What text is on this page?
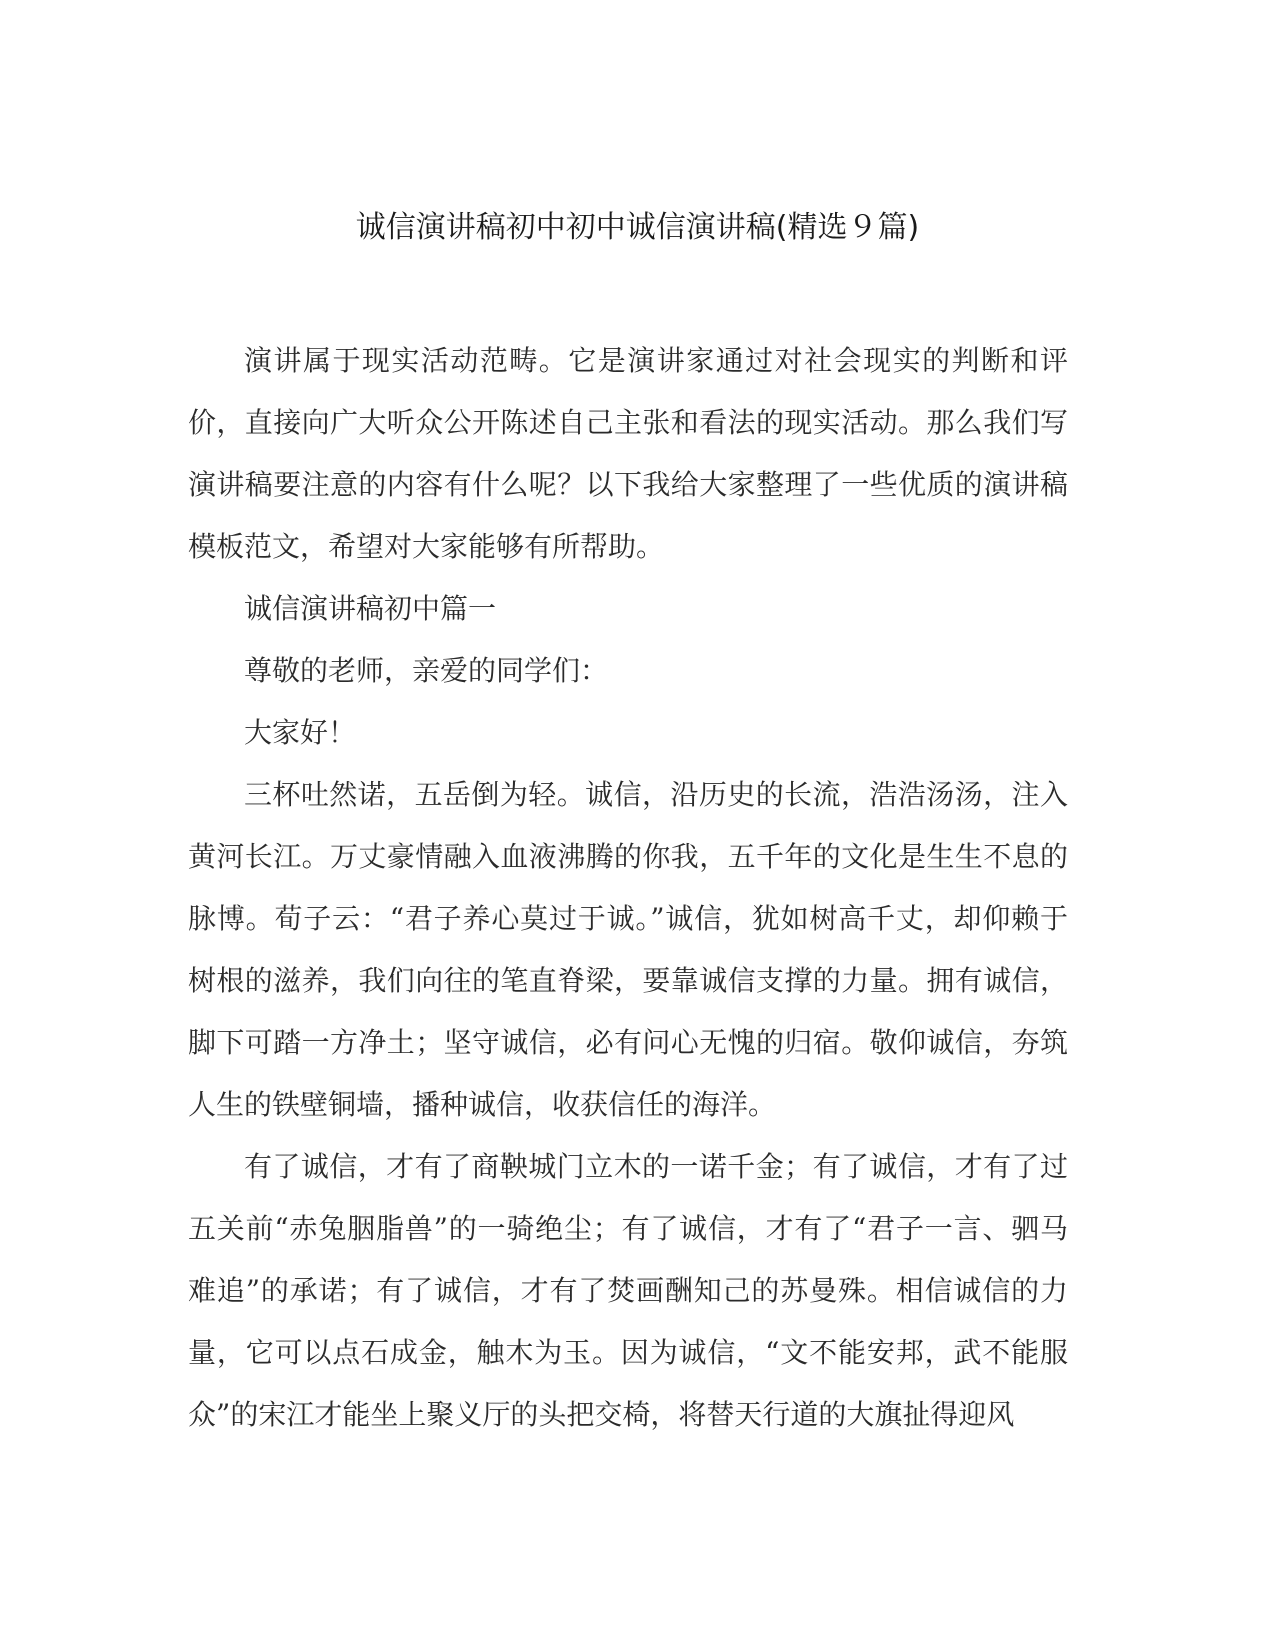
诚信演讲稿初中初中诚信演讲稿(精选９篇)

演讲属于现实活动范畴。它是演讲家通过对社会现实的判断和评价，直接向广大听众公开陈述自己主张和看法的现实活动。那么我们写演讲稿要注意的内容有什么呢？以下我给大家整理了一些优质的演讲稿模板范文，希望对大家能够有所帮助。

诚信演讲稿初中篇一

尊敬的老师，亲爱的同学们：

大家好！

三杯吐然诺，五岳倒为轻。诚信，沿历史的长流，浩浩汤汤，注入黄河长江。万丈豪情融入血液沸腾的你我，五千年的文化是生生不息的脉博。荀子云：“君子养心莫过于诚。”诚信，犹如树高千丈，却仰赖于树根的滋养，我们向往的笔直脊梁，要靠诚信支撑的力量。拥有诚信，脚下可踏一方净土；坚守诚信，必有问心无愧的归宿。敬仰诚信，夯筑人生的铁壁铜墙，播种诚信，收获信任的海洋。

有了诚信，才有了商鞅城门立木的一诺千金；有了诚信，才有了过五关前“赤兔胭脂兽”的一骑绝尘；有了诚信，才有了“君子一言、驷马难追”的承诺；有了诚信，才有了焚画酬知己的苏曼殊。相信诚信的力量，它可以点石成金，触木为玉。因为诚信，“文不能安邦，武不能服众”的宋江才能坐上聚义厅的头把交椅，将替天行道的大旗扯得迎风
